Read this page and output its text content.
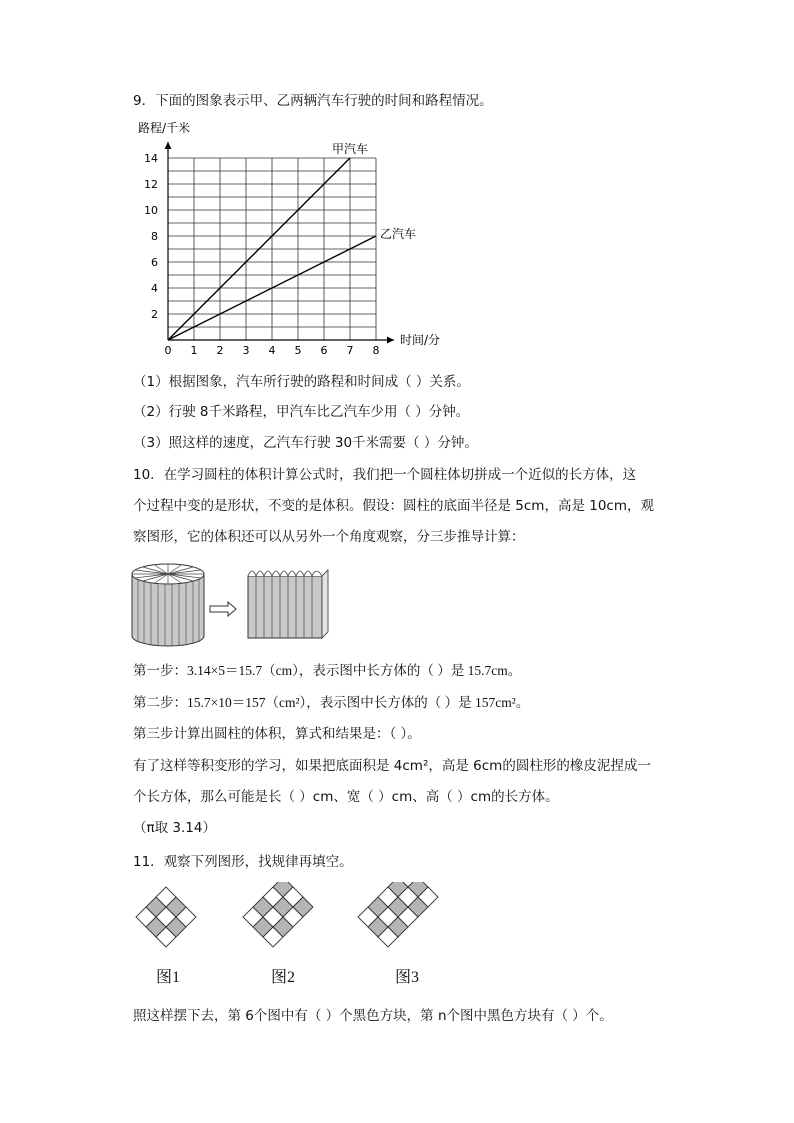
9．下面的图象表示甲、乙两辆汽车行驶的时间和路程情况。
0 1 2 3 4 5 6 7 8
2
4
6
8
10
12
14
甲汽车
乙汽车
路程/千米
时间/分
（1）根据图象，汽车所行驶的路程和时间成（ ）关系。
（2）行驶 8千米路程，甲汽车比乙汽车少用（ ）分钟。
（3）照这样的速度，乙汽车行驶 30千米需要（ ）分钟。
10．在学习圆柱的体积计算公式时，我们把一个圆柱体切拼成一个近似的长方体，这
个过程中变的是形状，不变的是体积。假设：圆柱的底面半径是 5cm，高是 10cm，观
察图形，它的体积还可以从另外一个角度观察，分三步推导计算：
第一步：3.14×5＝15.7（cm），表示图中长方体的（ ）是 15.7cm。
第二步：15.7×10＝157（cm²），表示图中长方体的（ ）是 157cm²。
第三步计算出圆柱的体积，算式和结果是：（ ）。
有了这样等积变形的学习，如果把底面积是 4cm²，高是 6cm的圆柱形的橡皮泥捏成一
个长方体，那么可能是长（ ）cm、宽（ ）cm、高（ ）cm的长方体。
（π取 3.14）
11．观察下列图形，找规律再填空。
图1	图2	图3
照这样摆下去，第 6个图中有（ ）个黑色方块，第 n个图中黑色方块有（ ）个。
